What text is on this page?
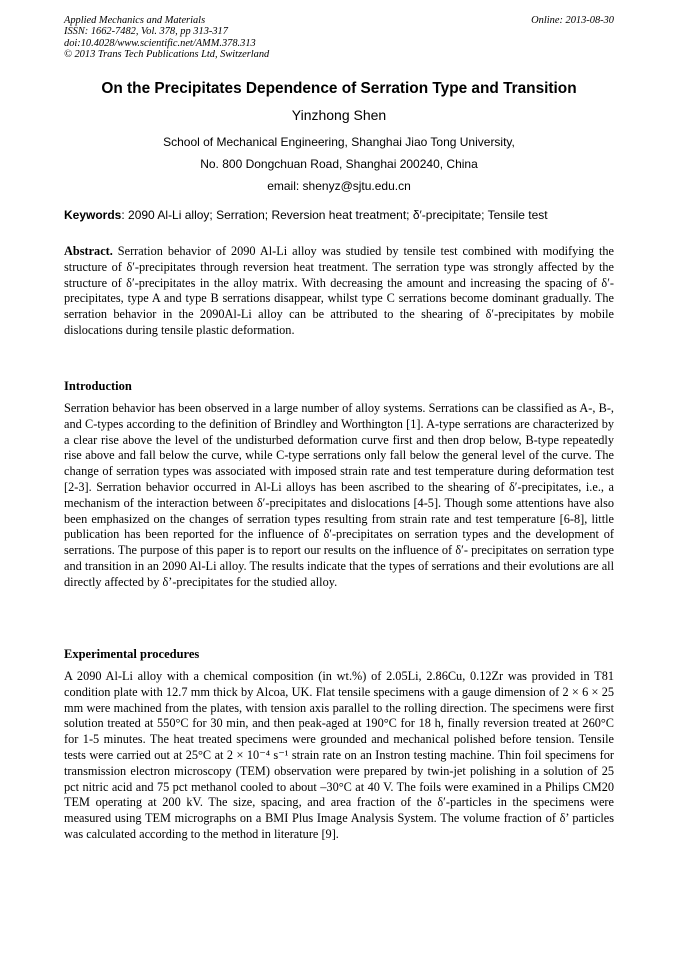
Applied Mechanics and Materials
ISSN: 1662-7482, Vol. 378, pp 313-317
doi:10.4028/www.scientific.net/AMM.378.313
© 2013 Trans Tech Publications Ltd, Switzerland
Online: 2013-08-30
On the Precipitates Dependence of Serration Type and Transition
Yinzhong Shen
School of Mechanical Engineering, Shanghai Jiao Tong University,
No. 800 Dongchuan Road, Shanghai 200240, China
email: shenyz@sjtu.edu.cn
Keywords: 2090 Al-Li alloy; Serration; Reversion heat treatment; δ′-precipitate; Tensile test
Abstract. Serration behavior of 2090 Al-Li alloy was studied by tensile test combined with modifying the structure of δ′-precipitates through reversion heat treatment. The serration type was strongly affected by the structure of δ′-precipitates in the alloy matrix. With decreasing the amount and increasing the spacing of δ′-precipitates, type A and type B serrations disappear, whilst type C serrations become dominant gradually. The serration behavior in the 2090Al-Li alloy can be attributed to the shearing of δ′-precipitates by mobile dislocations during tensile plastic deformation.
Introduction
Serration behavior has been observed in a large number of alloy systems. Serrations can be classified as A-, B-, and C-types according to the definition of Brindley and Worthington [1]. A-type serrations are characterized by a clear rise above the level of the undisturbed deformation curve first and then drop below, B-type repeatedly rise above and fall below the curve, while C-type serrations only fall below the general level of the curve. The change of serration types was associated with imposed strain rate and test temperature during deformation test [2-3]. Serration behavior occurred in Al-Li alloys has been ascribed to the shearing of δ′-precipitates, i.e., a mechanism of the interaction between δ′-precipitates and dislocations [4-5]. Though some attentions have also been emphasized on the changes of serration types resulting from strain rate and test temperature [6-8], little publication has been reported for the influence of δ′-precipitates on serration types and the development of serrations. The purpose of this paper is to report our results on the influence of δ′- precipitates on serration type and transition in an 2090 Al-Li alloy. The results indicate that the types of serrations and their evolutions are all directly affected by δ’-precipitates for the studied alloy.
Experimental procedures
A 2090 Al-Li alloy with a chemical composition (in wt.%) of 2.05Li, 2.86Cu, 0.12Zr was provided in T81 condition plate with 12.7 mm thick by Alcoa, UK. Flat tensile specimens with a gauge dimension of 2 × 6 × 25 mm were machined from the plates, with tension axis parallel to the rolling direction. The specimens were first solution treated at 550°C for 30 min, and then peak-aged at 190°C for 18 h, finally reversion treated at 260°C for 1-5 minutes. The heat treated specimens were grounded and mechanical polished before tension. Tensile tests were carried out at 25°C at 2 × 10⁻⁴ s⁻¹ strain rate on an Instron testing machine. Thin foil specimens for transmission electron microscopy (TEM) observation were prepared by twin-jet polishing in a solution of 25 pct nitric acid and 75 pct methanol cooled to about –30°C at 40 V. The foils were examined in a Philips CM20 TEM operating at 200 kV. The size, spacing, and area fraction of the δ′-particles in the specimens were measured using TEM micrographs on a BMI Plus Image Analysis System. The volume fraction of δ’ particles was calculated according to the method in literature [9].
